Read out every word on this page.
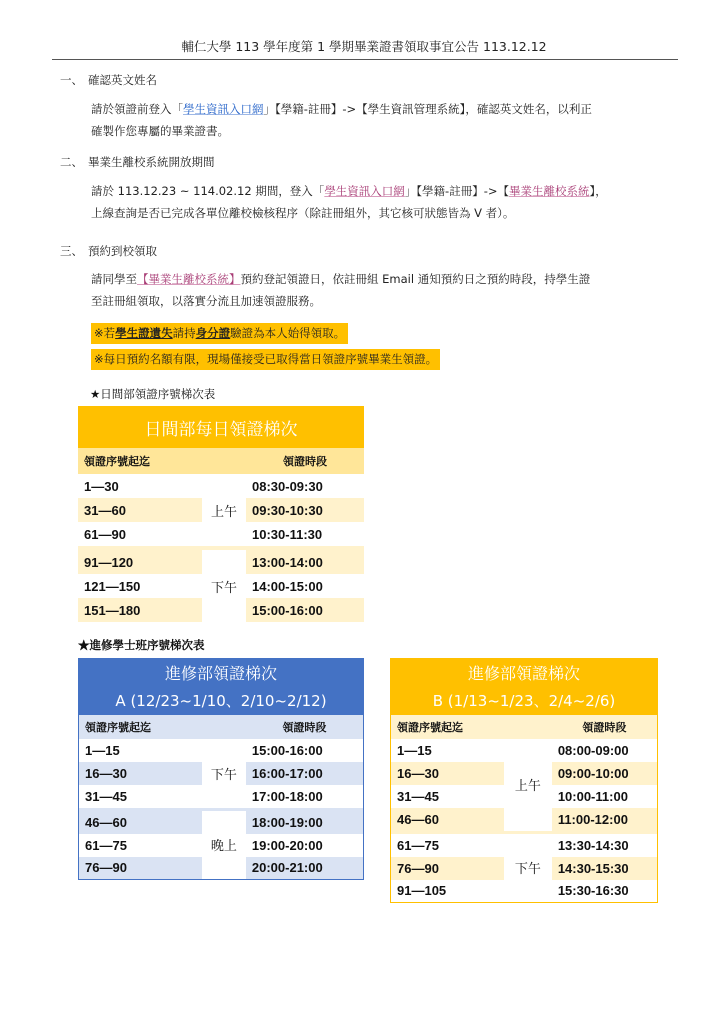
輔仁大學 113 學年度第 1 學期畢業證書領取事宜公告 113.12.12
一、 確認英文姓名
請於領證前登入「學生資訊入口網」【學籍-註冊】->【學生資訊管理系統】，確認英文姓名，以利正
確製作您專屬的畢業證書。
二、 畢業生離校系統開放期間
請於 113.12.23 ~ 114.02.12 期間，登入「學生資訊入口網」【學籍-註冊】->【畢業生離校系統】，
上線查詢是否已完成各單位離校檢核程序（除註冊組外，其它核可狀態皆為 V 者）。
三、 預約到校領取
請同學至【畢業生離校系統】預約登記領證日，依註冊組 Email 通知預約日之預約時段，持學生證
至註冊組領取，以落實分流且加速領證服務。
※若學生證遺失請持身分證驗證為本人始得領取。
※每日預約名額有限，現場僅接受已取得當日領證序號畢業生領證。
★日間部領證序號梯次表
日間部每日領證梯次		
領證序號起迄		領證時段
1—30	上午	08:30-09:30
31—60		09:30-10:30
61—90		10:30-11:30

91—120	下午	13:00-14:00
121—150		14:00-15:00
151—180		15:00-16:00
★進修學士班序號梯次表
進修部領證梯次		
A (12/23~1/10、2/10~2/12)		
領證序號起迄		領證時段
1—15	下午	15:00-16:00
16—30		16:00-17:00
31—45		17:00-18:00

46—60	晚上	18:00-19:00
61—75		19:00-20:00
76—90		20:00-21:00
進修部領證梯次		
B (1/13~1/23、2/4~2/6)		
領證序號起迄		領證時段
1—15	上午	08:00-09:00
16—30		09:00-10:00
31—45		10:00-11:00
46—60		11:00-12:00

61—75	下午	13:30-14:30
76—90		14:30-15:30
91—105		15:30-16:30
